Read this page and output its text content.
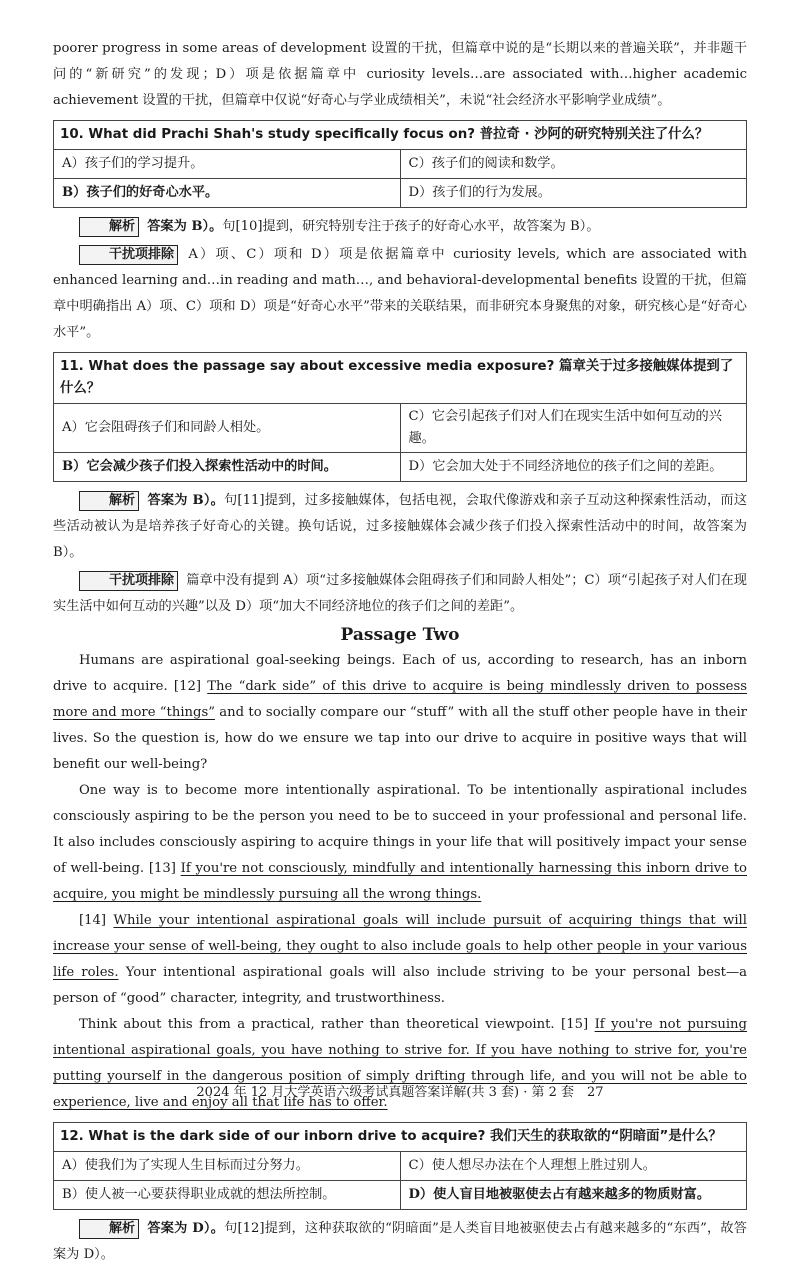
poorer progress in some areas of development 设置的干扰，但篇章中说的是“长期以来的普遍关联”，并非题干问的“新研究”的发现；D）项是依据篇章中 curiosity levels…are associated with…higher academic achievement 设置的干扰，但篇章中仅说“好奇心与学业成绩相关”，未说“社会经济水平影响学业成绩”。

10. What did Prachi Shah's study specifically focus on? 普拉奇 · 沙阿的研究特别关注了什么？	
A）孩子们的学习提升。	C）孩子们的阅读和数学。
B）孩子们的好奇心水平。	D）孩子们的行为发展。

解析 答案为 B）。句[10]提到，研究特别专注于孩子的好奇心水平，故答案为 B）。

干扰项排除 A）项、C）项和 D）项是依据篇章中 curiosity levels, which are associated with enhanced learning and…in reading and math…, and behavioral-developmental benefits 设置的干扰，但篇章中明确指出 A）项、C）项和 D）项是“好奇心水平”带来的关联结果，而非研究本身聚焦的对象，研究核心是“好奇心水平”。

11. What does the passage say about excessive media exposure? 篇章关于过多接触媒体提到了什么？	
A）它会阻碍孩子们和同龄人相处。	C）它会引起孩子们对人们在现实生活中如何互动的兴趣。
B）它会减少孩子们投入探索性活动中的时间。	D）它会加大处于不同经济地位的孩子们之间的差距。

解析 答案为 B）。句[11]提到，过多接触媒体，包括电视，会取代像游戏和亲子互动这种探索性活动，而这些活动被认为是培养孩子好奇心的关键。换句话说，过多接触媒体会减少孩子们投入探索性活动中的时间，故答案为 B）。

干扰项排除 篇章中没有提到 A）项“过多接触媒体会阻碍孩子们和同龄人相处”；C）项“引起孩子对人们在现实生活中如何互动的兴趣”以及 D）项“加大不同经济地位的孩子们之间的差距”。

Passage Two

Humans are aspirational goal-seeking beings. Each of us, according to research, has an inborn drive to acquire. [12] The “dark side” of this drive to acquire is being mindlessly driven to possess more and more “things” and to socially compare our “stuff” with all the stuff other people have in their lives. So the question is, how do we ensure we tap into our drive to acquire in positive ways that will benefit our well-being?

One way is to become more intentionally aspirational. To be intentionally aspirational includes consciously aspiring to be the person you need to be to succeed in your professional and personal life. It also includes consciously aspiring to acquire things in your life that will positively impact your sense of well-being. [13] If you're not consciously, mindfully and intentionally harnessing this inborn drive to acquire, you might be mindlessly pursuing all the wrong things.

[14] While your intentional aspirational goals will include pursuit of acquiring things that will increase your sense of well-being, they ought to also include goals to help other people in your various life roles. Your intentional aspirational goals will also include striving to be your personal best—a person of “good” character, integrity, and trustworthiness.

Think about this from a practical, rather than theoretical viewpoint. [15] If you're not pursuing intentional aspirational goals, you have nothing to strive for. If you have nothing to strive for, you're putting yourself in the dangerous position of simply drifting through life, and you will not be able to experience, live and enjoy all that life has to offer.

12. What is the dark side of our inborn drive to acquire? 我们天生的获取欲的“阴暗面”是什么？	
A）使我们为了实现人生目标而过分努力。	C）使人想尽办法在个人理想上胜过别人。
B）使人被一心要获得职业成就的想法所控制。	D）使人盲目地被驱使去占有越来越多的物质财富。

解析 答案为 D）。句[12]提到，这种获取欲的“阴暗面”是人类盲目地被驱使去占有越来越多的“东西”，故答案为 D）。

2024 年 12 月大学英语六级考试真题答案详解(共 3 套) · 第 2 套　27
